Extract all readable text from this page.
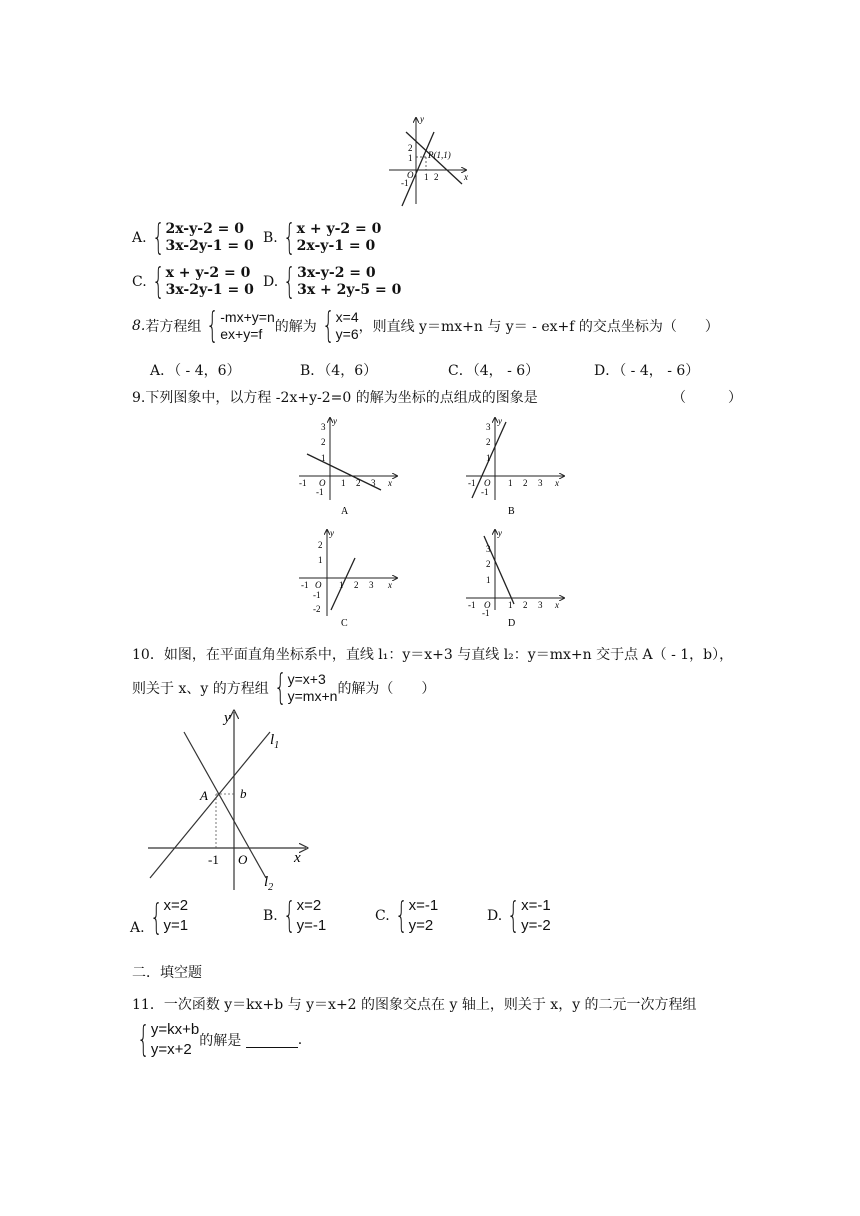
y
x
2
1
O
-1
1 2
P(1,1)
A. { 2x-y-2 = 0
3x-2y-1 = 0 B. { x + y-2 = 0
2x-y-1 = 0
C. { x + y-2 = 0
3x-2y-1 = 0 D. { 3x-y-2 = 0
3x + 2y-5 = 0
8. 若方程组 { -mx+y=n
ex+y=f 的解为 { x=4
y=6 ，则直线 y＝mx+n 与 y＝ - ex+f 的交点坐标为（　　）
A．（ - 4，6）	B．（4，6）	C．（4， - 6）	D．（ - 4， - 6）
9.下列图象中，以方程 -2x+y-2=0 的解为坐标的点组成的图象是	（　　　）
3
2
1
-1 O 1 2 3 x
y
-1
A
3
2
1
-1 O 1 2 3 x
y
-1
B
2
1
-1 O 1 2 3 x
y
-1
-2
C
3
2
1
-1 O 1 2 3 x
y
-1
D
10．如图，在平面直角坐标系中，直线 l₁：y＝x+3 与直线 l₂：y＝mx+n 交于点 A（ - 1，b），
则关于 x、y 的方程组 { y=x+3
y=mx+n 的解为（　　）
y
x
$l_1$
$l_2$
A b
-1 O
A. { x=2
y=1
B. { x=2
y=-1
C. { x=-1
y=2
D. { x=-1
y=-2
二．填空题
11．一次函数 y＝kx+b 与 y＝x+2 的图象交点在 y 轴上，则关于 x，y 的二元一次方程组
{ y=kx+b
y=x+2 的解是
	.
